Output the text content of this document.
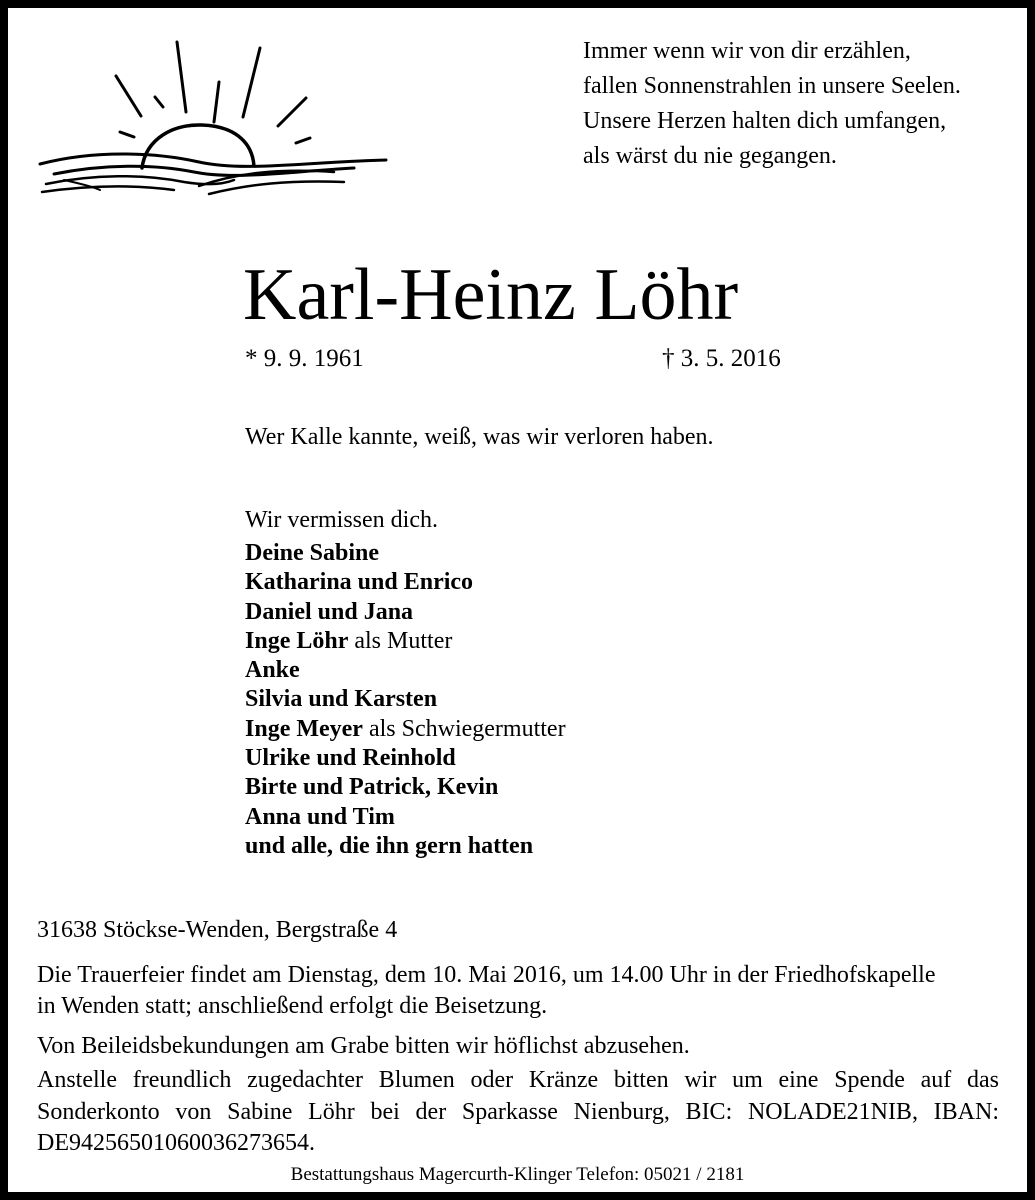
Immer wenn wir von dir erzählen,
fallen Sonnenstrahlen in unsere Seelen.
Unsere Herzen halten dich umfangen,
als wärst du nie gegangen.
Karl-Heinz Löhr
* 9. 9. 1961	† 3. 5. 2016
Wer Kalle kannte, weiß, was wir verloren haben.
Wir vermissen dich.
Deine Sabine
Katharina und Enrico
Daniel und Jana
Inge Löhr als Mutter
Anke
Silvia und Karsten
Inge Meyer als Schwiegermutter
Ulrike und Reinhold
Birte und Patrick, Kevin
Anna und Tim
und alle, die ihn gern hatten
31638 Stöckse-Wenden, Bergstraße 4
Die Trauerfeier findet am Dienstag, dem 10. Mai 2016, um 14.00 Uhr in der Friedhofskapelle
in Wenden statt; anschließend erfolgt die Beisetzung.
Von Beileidsbekundungen am Grabe bitten wir höflichst abzusehen.
Anstelle freundlich zugedachter Blumen oder Kränze bitten wir um eine Spende auf das Sonderkonto von Sabine Löhr bei der Sparkasse Nienburg, BIC: NOLADE21NIB, IBAN: DE94256501060036273654.
Bestattungshaus Magercurth-Klinger Telefon: 05021 / 2181
